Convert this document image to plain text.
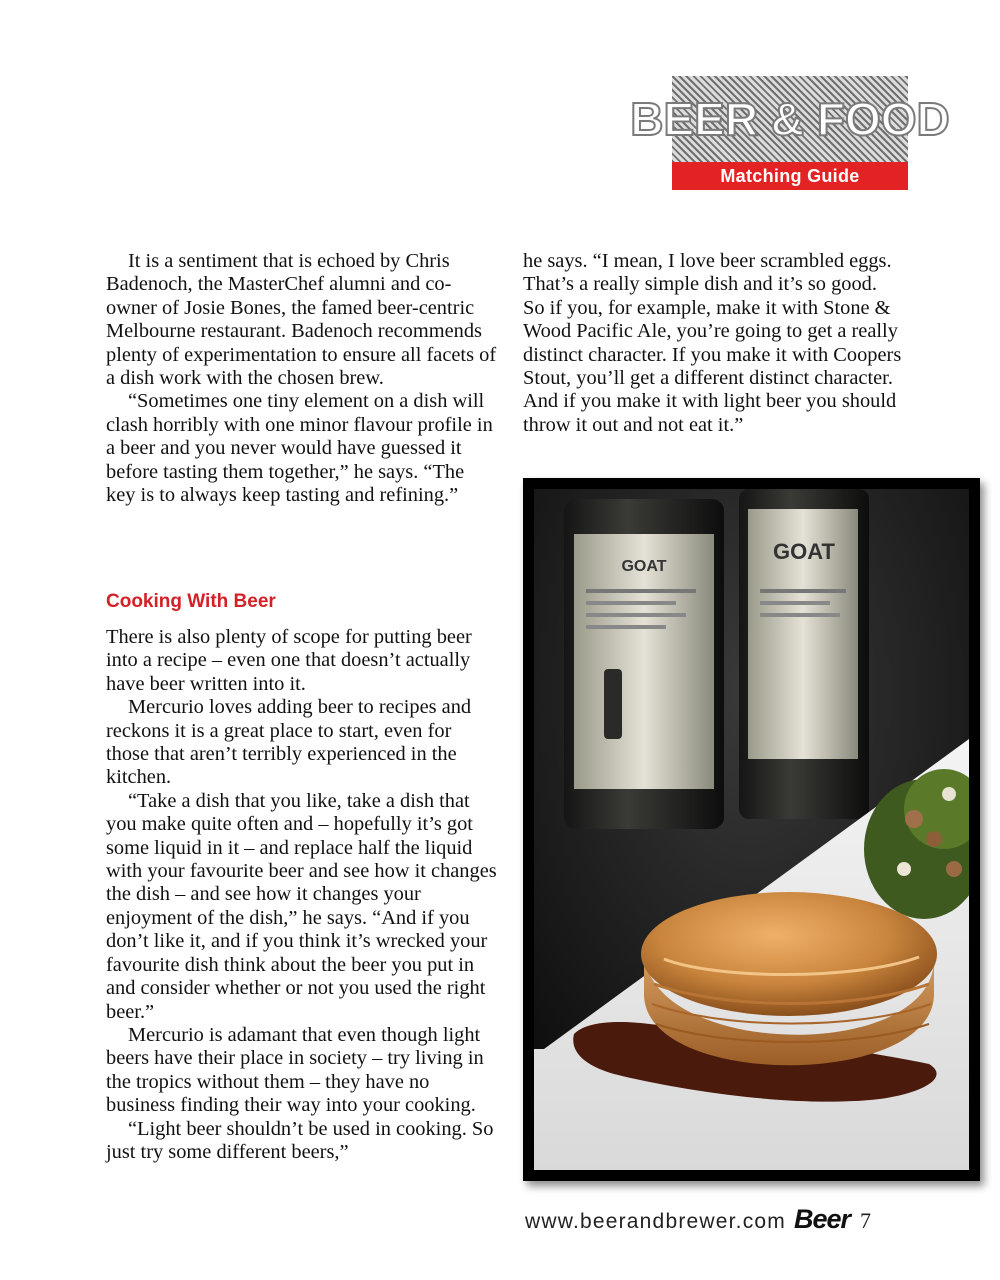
BEER & FOOD
Matching Guide

It is a sentiment that is echoed by Chris Badenoch, the MasterChef alumni and co-owner of Josie Bones, the famed beer-centric Melbourne restaurant. Badenoch recommends plenty of experimentation to ensure all facets of a dish work with the chosen brew.

“Sometimes one tiny element on a dish will clash horribly with one minor flavour profile in a beer and you never would have guessed it before tasting them together,” he says. “The key is to always keep tasting and refining.”

Cooking With Beer

There is also plenty of scope for putting beer into a recipe – even one that doesn’t actually have beer written into it.

Mercurio loves adding beer to recipes and reckons it is a great place to start, even for those that aren’t terribly experienced in the kitchen.

“Take a dish that you like, take a dish that you make quite often and – hopefully it’s got some liquid in it – and replace half the liquid with your favourite beer and see how it changes the dish – and see how it changes your enjoyment of the dish,” he says. “And if you don’t like it, and if you think it’s wrecked your favourite dish think about the beer you put in and consider whether or not you used the right beer.”

Mercurio is adamant that even though light beers have their place in society – try living in the tropics without them – they have no business finding their way into your cooking.

“Light beer shouldn’t be used in cooking. So just try some different beers,”

he says. “I mean, I love beer scrambled eggs. That’s a really simple dish and it’s so good. So if you, for example, make it with Stone & Wood Pacific Ale, you’re going to get a really distinct character. If you make it with Coopers Stout, you’ll get a different distinct character. And if you make it with light beer you should throw it out and not eat it.”

GOAT
GOAT
www.beerandbrewer.com Beer 7
